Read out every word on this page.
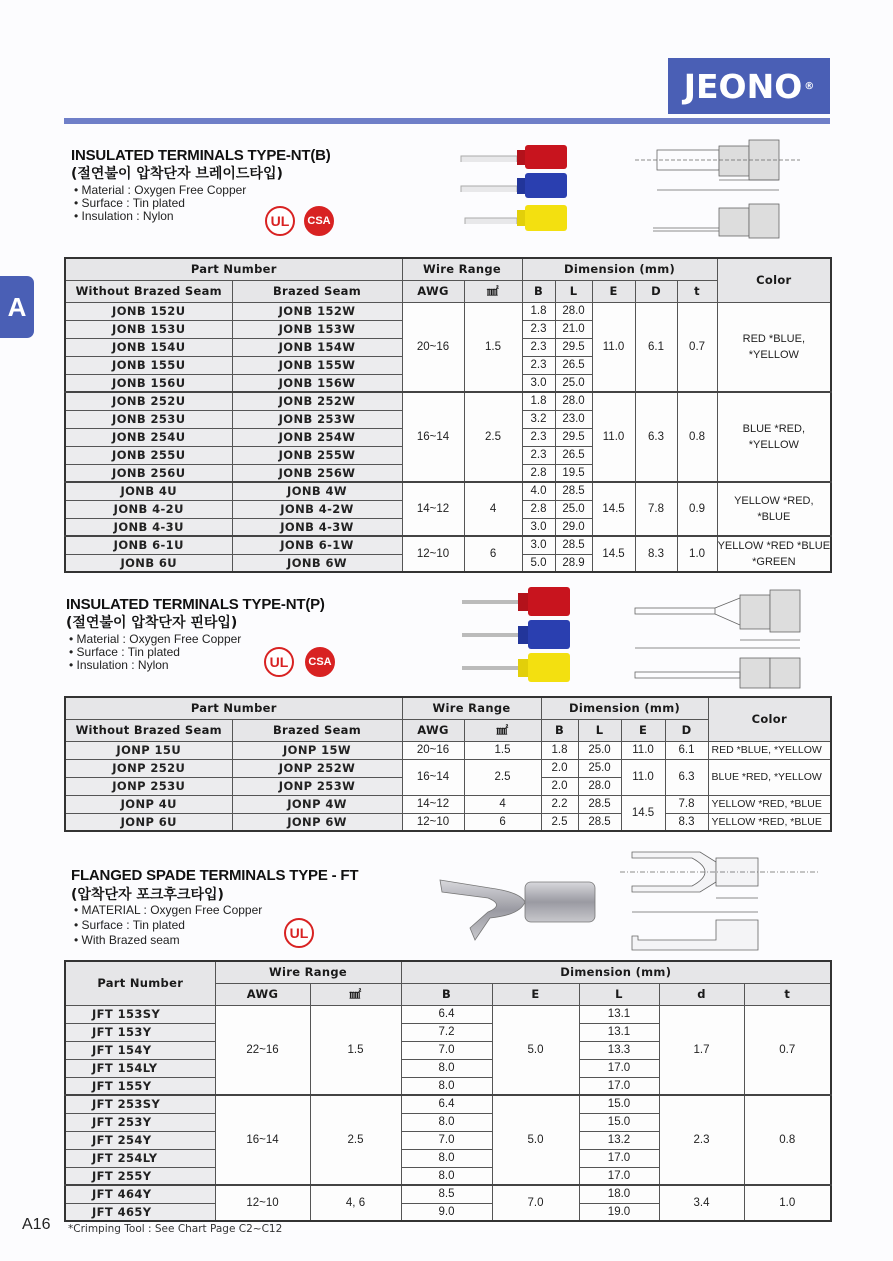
JEONO ®
A
INSULATED TERMINALS TYPE-NT(B)
(절연불이 압착단자 브레이드타입)
• Material : Oxygen Free Copper
• Surface : Tin plated
• Insulation : Nylon	UL	CSA
Part Number		Wire Range		Dimension (mm)					Color
Without Brazed Seam	Brazed Seam	AWG	㎟	B	L	E	D	t	
JONB 152U	JONB 152W	20~16	1.5	1.8	28.0	11.0	6.1	0.7	RED *BLUE, *YELLOW
JONB 153U	JONB 153W			2.3	21.0				
JONB 154U	JONB 154W			2.3	29.5				
JONB 155U	JONB 155W			2.3	26.5				
JONB 156U	JONB 156W			3.0	25.0				
JONB 252U	JONB 252W	16~14	2.5	1.8	28.0	11.0	6.3	0.8	BLUE *RED, *YELLOW
JONB 253U	JONB 253W			3.2	23.0				
JONB 254U	JONB 254W			2.3	29.5				
JONB 255U	JONB 255W			2.3	26.5				
JONB 256U	JONB 256W			2.8	19.5				
JONB 4U	JONB 4W	14~12	4	4.0	28.5	14.5	7.8	0.9	YELLOW *RED, *BLUE
JONB 4-2U	JONB 4-2W			2.8	25.0				
JONB 4-3U	JONB 4-3W			3.0	29.0				
JONB 6-1U	JONB 6-1W	12~10	6	3.0	28.5	14.5	8.3	1.0	YELLOW *RED *BLUE *GREEN
JONB 6U	JONB 6W			5.0	28.9				
INSULATED TERMINALS TYPE-NT(P)
(절연불이 압착단자 핀타입)
• Material : Oxygen Free Copper
• Surface : Tin plated
• Insulation : Nylon	UL	CSA
Part Number		Wire Range		Dimension (mm)				Color
Without Brazed Seam	Brazed Seam	AWG	㎟	B	L	E	D	
JONP 15U	JONP 15W	20~16	1.5	1.8	25.0	11.0	6.1	RED *BLUE, *YELLOW
JONP 252U	JONP 252W	16~14	2.5	2.0	25.0	11.0	6.3	BLUE *RED, *YELLOW
JONP 253U	JONP 253W			2.0	28.0			
JONP 4U	JONP 4W	14~12	4	2.2	28.5	14.5	7.8	YELLOW *RED, *BLUE
JONP 6U	JONP 6W	12~10	6	2.5	28.5		8.3	YELLOW *RED, *BLUE
FLANGED SPADE TERMINALS TYPE - FT
(압착단자 포크후크타입)
• MATERIAL : Oxygen Free Copper
• Surface : Tin plated
• With Brazed seam	UL
Part Number	Wire Range		Dimension (mm)				
	AWG	㎟	B	E	L	d	t
JFT 153SY	22~16	1.5	6.4	5.0	13.1	1.7	0.7
JFT 153Y			7.2		13.1		
JFT 154Y			7.0		13.3		
JFT 154LY			8.0		17.0		
JFT 155Y			8.0		17.0		
JFT 253SY	16~14	2.5	6.4	5.0	15.0	2.3	0.8
JFT 253Y			8.0		15.0		
JFT 254Y			7.0		13.2		
JFT 254LY			8.0		17.0		
JFT 255Y			8.0		17.0		
JFT 464Y	12~10	4, 6	8.5	7.0	18.0	3.4	1.0
JFT 465Y			9.0		19.0		
A16 *Crimping Tool : See Chart Page C2~C12
